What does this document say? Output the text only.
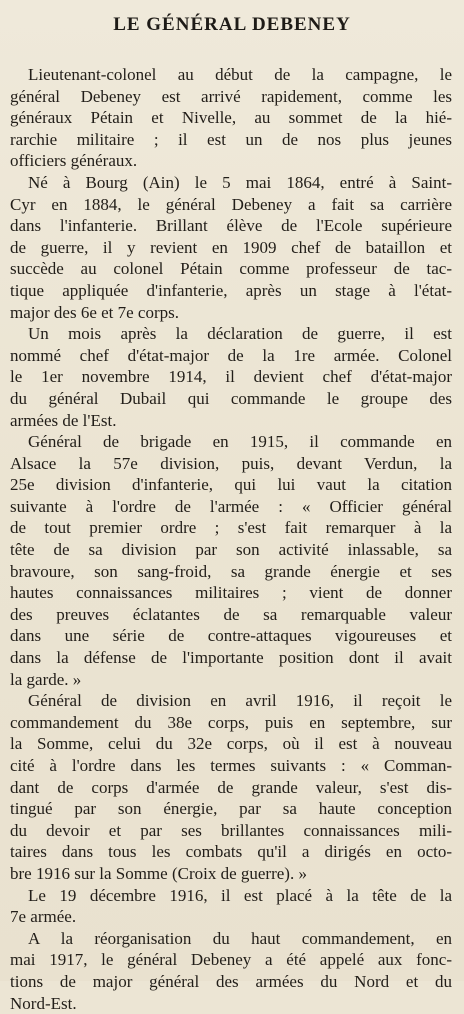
LE GÉNÉRAL DEBENEY
Lieutenant-colonel au début de la campagne, le
général Debeney est arrivé rapidement, comme les
généraux Pétain et Nivelle, au sommet de la hié-
rarchie militaire ; il est un de nos plus jeunes
officiers généraux.
Né à Bourg (Ain) le 5 mai 1864, entré à Saint-
Cyr en 1884, le général Debeney a fait sa carrière
dans l'infanterie. Brillant élève de l'Ecole supérieure
de guerre, il y revient en 1909 chef de bataillon et
succède au colonel Pétain comme professeur de tac-
tique appliquée d'infanterie, après un stage à l'état-
major des 6e et 7e corps.
Un mois après la déclaration de guerre, il est
nommé chef d'état-major de la 1re armée. Colonel
le 1er novembre 1914, il devient chef d'état-major
du général Dubail qui commande le groupe des
armées de l'Est.
Général de brigade en 1915, il commande en
Alsace la 57e division, puis, devant Verdun, la
25e division d'infanterie, qui lui vaut la citation
suivante à l'ordre de l'armée : « Officier général
de tout premier ordre ; s'est fait remarquer à la
tête de sa division par son activité inlassable, sa
bravoure, son sang-froid, sa grande énergie et ses
hautes connaissances militaires ; vient de donner
des preuves éclatantes de sa remarquable valeur
dans une série de contre-attaques vigoureuses et
dans la défense de l'importante position dont il avait
la garde. »
Général de division en avril 1916, il reçoit le
commandement du 38e corps, puis en septembre, sur
la Somme, celui du 32e corps, où il est à nouveau
cité à l'ordre dans les termes suivants : « Comman-
dant de corps d'armée de grande valeur, s'est dis-
tingué par son énergie, par sa haute conception
du devoir et par ses brillantes connaissances mili-
taires dans tous les combats qu'il a dirigés en octo-
bre 1916 sur la Somme (Croix de guerre). »
Le 19 décembre 1916, il est placé à la tête de la
7e armée.
A la réorganisation du haut commandement, en
mai 1917, le général Debeney a été appelé aux fonc-
tions de major général des armées du Nord et du
Nord-Est.
